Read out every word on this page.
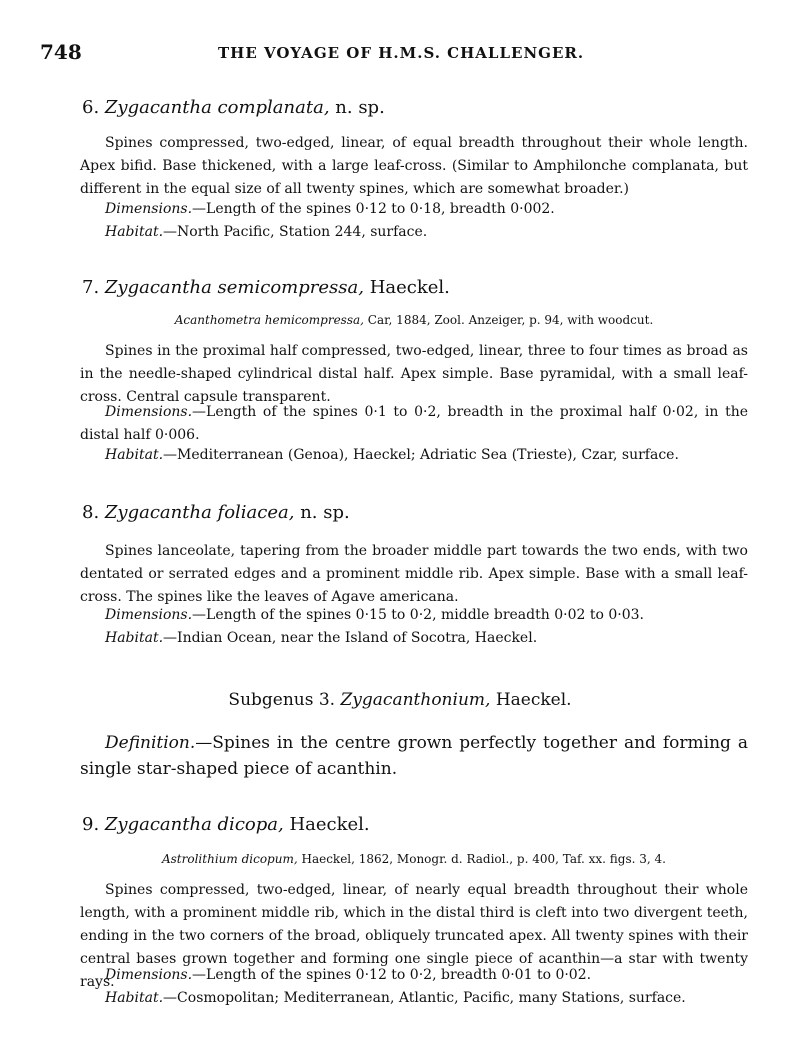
748	THE VOYAGE OF H.M.S. CHALLENGER.
6. Zygacantha complanata, n. sp.
Spines compressed, two-edged, linear, of equal breadth throughout their whole length. Apex bifid. Base thickened, with a large leaf-cross. (Similar to Amphilonche complanata, but different in the equal size of all twenty spines, which are somewhat broader.)
Dimensions.—Length of the spines 0·12 to 0·18, breadth 0·002.
Habitat.—North Pacific, Station 244, surface.
7. Zygacantha semicompressa, Haeckel.
Acanthometra hemicompressa, Car, 1884, Zool. Anzeiger, p. 94, with woodcut.
Spines in the proximal half compressed, two-edged, linear, three to four times as broad as in the needle-shaped cylindrical distal half. Apex simple. Base pyramidal, with a small leaf-cross. Central capsule transparent.
Dimensions.—Length of the spines 0·1 to 0·2, breadth in the proximal half 0·02, in the distal half 0·006.
Habitat.—Mediterranean (Genoa), Haeckel; Adriatic Sea (Trieste), Czar, surface.
8. Zygacantha foliacea, n. sp.
Spines lanceolate, tapering from the broader middle part towards the two ends, with two dentated or serrated edges and a prominent middle rib. Apex simple. Base with a small leaf-cross. The spines like the leaves of Agave americana.
Dimensions.—Length of the spines 0·15 to 0·2, middle breadth 0·02 to 0·03.
Habitat.—Indian Ocean, near the Island of Socotra, Haeckel.
Subgenus 3. Zygacanthonium, Haeckel.
Definition.—Spines in the centre grown perfectly together and forming a single star-shaped piece of acanthin.
9. Zygacantha dicopa, Haeckel.
Astrolithium dicopum, Haeckel, 1862, Monogr. d. Radiol., p. 400, Taf. xx. figs. 3, 4.
Spines compressed, two-edged, linear, of nearly equal breadth throughout their whole length, with a prominent middle rib, which in the distal third is cleft into two divergent teeth, ending in the two corners of the broad, obliquely truncated apex. All twenty spines with their central bases grown together and forming one single piece of acanthin—a star with twenty rays.
Dimensions.—Length of the spines 0·12 to 0·2, breadth 0·01 to 0·02.
Habitat.—Cosmopolitan; Mediterranean, Atlantic, Pacific, many Stations, surface.
